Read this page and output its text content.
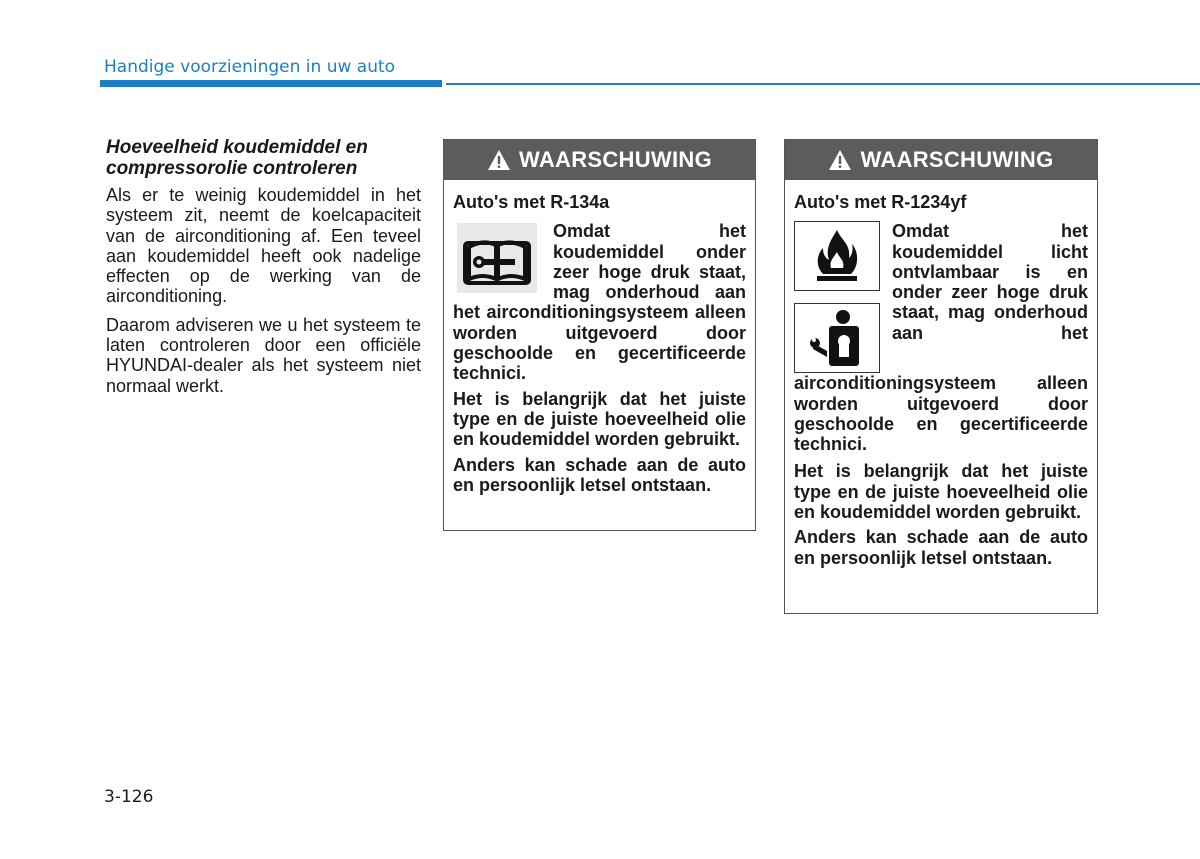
Handige voorzieningen in uw auto
Hoeveelheid koudemiddel en compressorolie controleren

Als er te weinig koudemiddel in het systeem zit, neemt de koelcapaciteit van de airconditioning af. Een teveel aan koudemiddel heeft ook nadelige effecten op de werking van de airconditioning.

Daarom adviseren we u het systeem te laten controleren door een officiële HYUNDAI-dealer als het systeem niet normaal werkt.

WAARSCHUWING
Auto's met R-134a

Omdat het koudemiddel onder zeer hoge druk staat, mag onderhoud aan het airconditioningsysteem alleen worden uitgevoerd door geschoolde en gecertificeerde technici.

Het is belangrijk dat het juiste type en de juiste hoeveelheid olie en koudemiddel worden gebruikt.

Anders kan schade aan de auto en persoonlijk letsel ontstaan.

WAARSCHUWING
Auto's met R-1234yf

Omdat het koudemiddel licht ontvlambaar is en onder zeer hoge druk staat, mag onderhoud aan het airconditioningsysteem alleen worden uitgevoerd door geschoolde en gecertificeerde technici.

Het is belangrijk dat het juiste type en de juiste hoeveelheid olie en koudemiddel worden gebruikt.

Anders kan schade aan de auto en persoonlijk letsel ontstaan.

3-126
